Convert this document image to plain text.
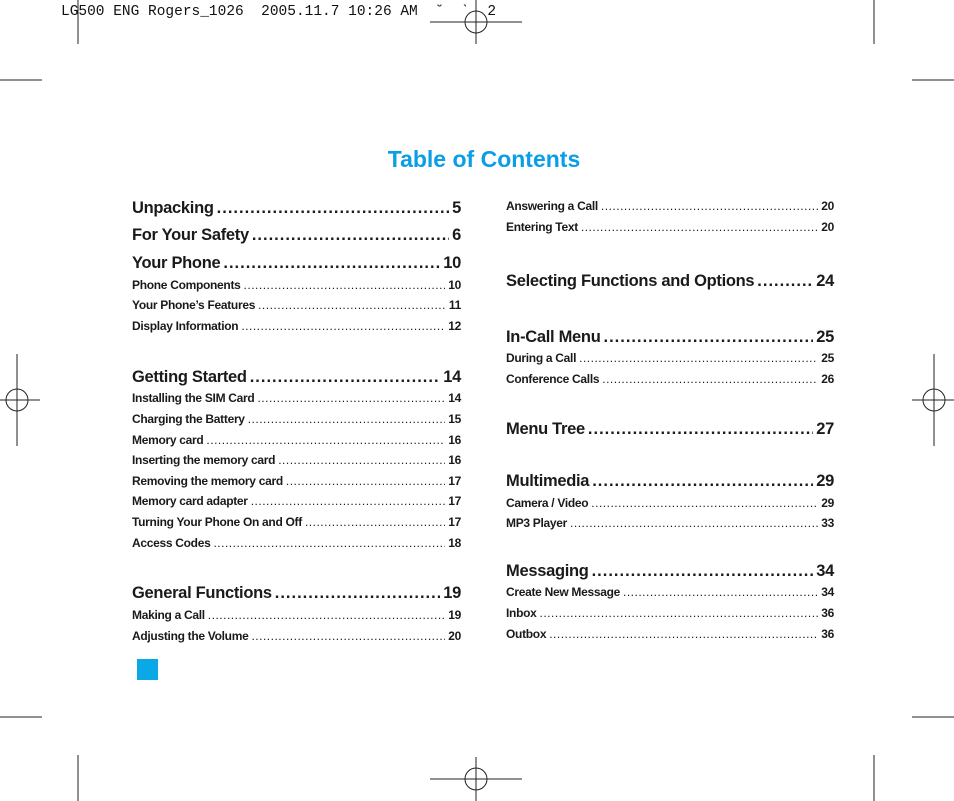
LG500 ENG Rogers_1026  2005.11.7 10:26 AM  ˘  ˋ  2
Table of Contents
Unpacking .....	5
For Your Safety .....	6
Your Phone .....	10
Phone Components .....	10
Your Phone’s Features .....	11
Display Information .....	12
Getting Started .....	14
Installing the SIM Card .....	14
Charging the Battery .....	15
Memory card .....	16
Inserting the memory card .....	16
Removing the memory card .....	17
Memory card adapter .....	17
Turning Your Phone On and Off .....	17
Access Codes .....	18
General Functions .....	19
Making a Call .....	19
Adjusting the Volume .....	20
Answering a Call .....	20
Entering Text .....	20
Selecting Functions and Options .....	24
In-Call Menu .....	25
During a Call .....	25
Conference Calls .....	26
Menu Tree .....	27
Multimedia .....	29
Camera / Video .....	29
MP3 Player .....	33
Messaging .....	34
Create New Message .....	34
Inbox .....	36
Outbox .....	36
